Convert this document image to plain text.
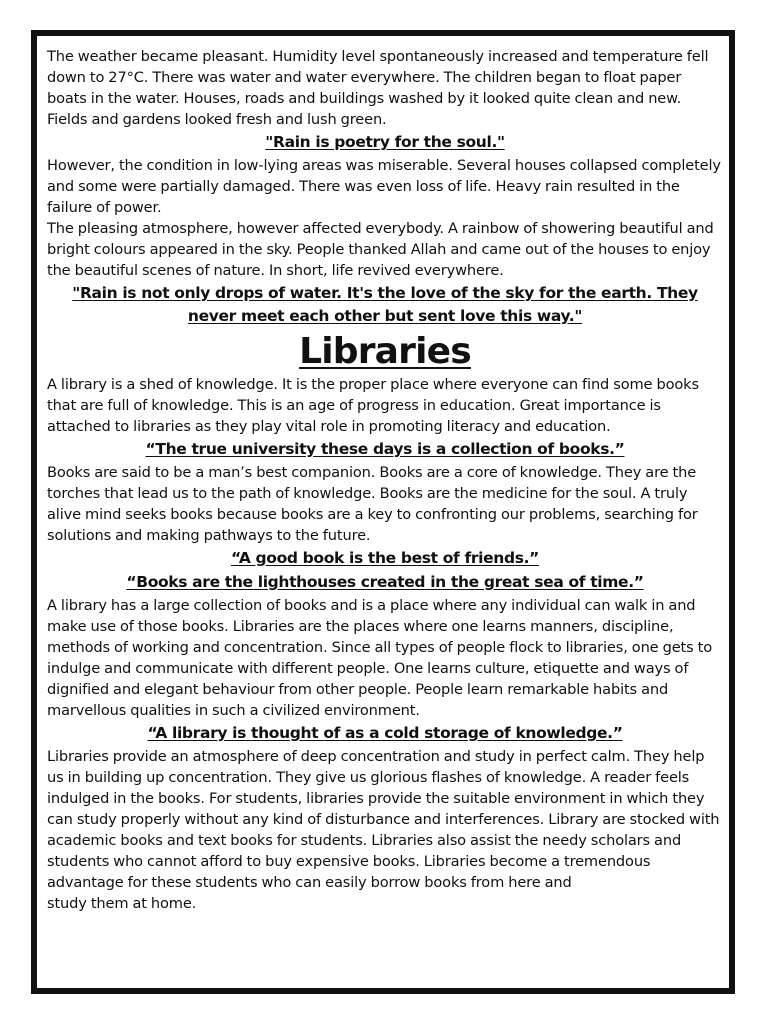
The weather became pleasant. Humidity level spontaneously increased and temperature fell down to 27°C. There was water and water everywhere. The children began to float paper boats in the water. Houses, roads and buildings washed by it looked quite clean and new. Fields and gardens looked fresh and lush green.

"Rain is poetry for the soul."

However, the condition in low-lying areas was miserable. Several houses collapsed completely and some were partially damaged. There was even loss of life. Heavy rain resulted in the failure of power.

The pleasing atmosphere, however affected everybody. A rainbow of showering beautiful and bright colours appeared in the sky. People thanked Allah and came out of the houses to enjoy the beautiful scenes of nature. In short, life revived everywhere.

"Rain is not only drops of water. It's the love of the sky for the earth. They never meet each other but sent love this way."

Libraries

A library is a shed of knowledge. It is the proper place where everyone can find some books that are full of knowledge. This is an age of progress in education. Great importance is attached to libraries as they play vital role in promoting literacy and education.

“The true university these days is a collection of books.”

Books are said to be a man’s best companion. Books are a core of knowledge. They are the torches that lead us to the path of knowledge. Books are the medicine for the soul. A truly alive mind seeks books because books are a key to confronting our problems, searching for solutions and making pathways to the future.

“A good book is the best of friends.”

“Books are the lighthouses created in the great sea of time.”

A library has a large collection of books and is a place where any individual can walk in and make use of those books. Libraries are the places where one learns manners, discipline, methods of working and concentration. Since all types of people flock to libraries, one gets to indulge and communicate with different people. One learns culture, etiquette and ways of dignified and elegant behaviour from other people. People learn remarkable habits and marvellous qualities in such a civilized environment.

“A library is thought of as a cold storage of knowledge.”

Libraries provide an atmosphere of deep concentration and study in perfect calm. They help us in building up concentration. They give us glorious flashes of knowledge. A reader feels indulged in the books. For students, libraries provide the suitable environment in which they can study properly without any kind of disturbance and interferences. Library are stocked with academic books and text books for students. Libraries also assist the needy scholars and students who cannot afford to buy expensive books. Libraries become a tremendous

advantage for these students who can easily borrow books from here and

study them at home.
